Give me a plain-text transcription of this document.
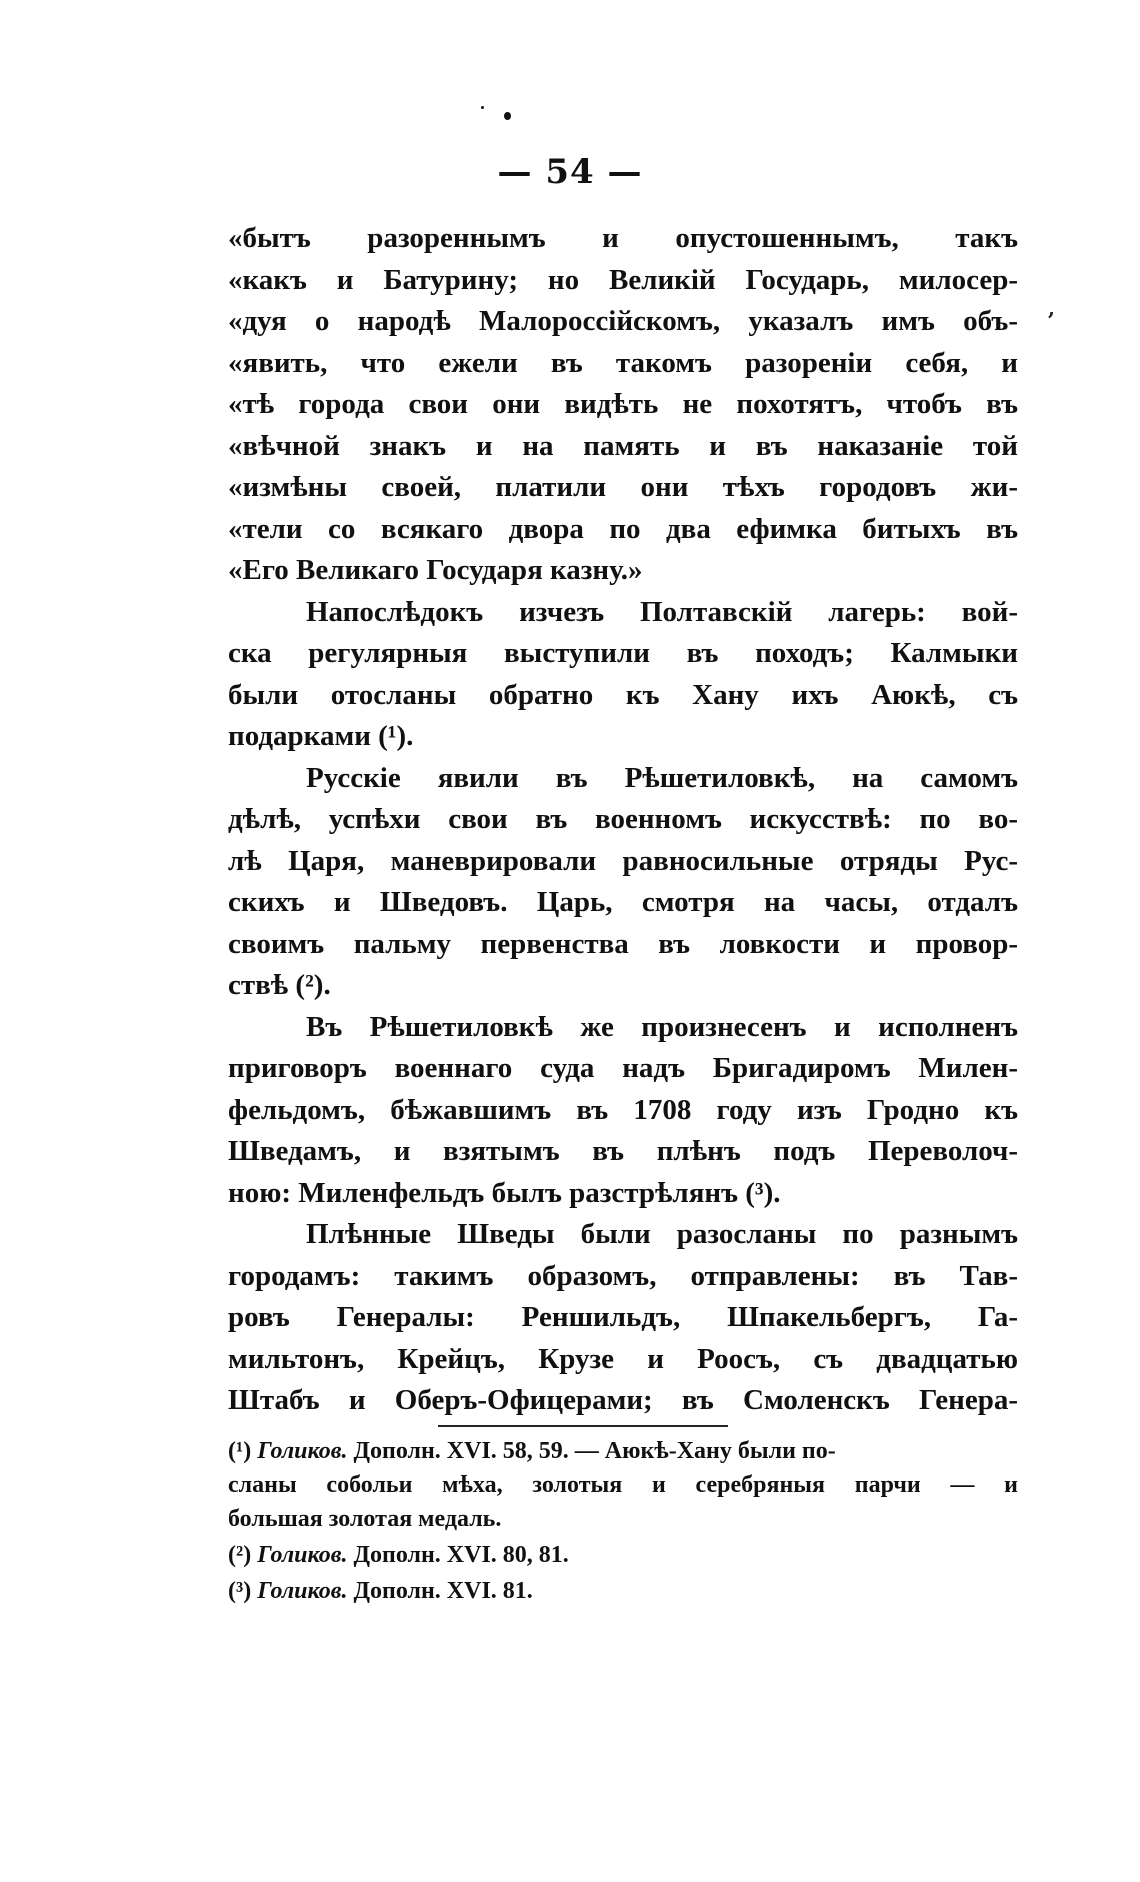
,
— 54 —

«бытъ разореннымъ и опустошеннымъ, такъ
«какъ и Батурину; но Великій Государь, милосер-
«дуя о народѣ Малороссійскомъ, указалъ имъ объ-
«явить, что ежели въ такомъ разореніи себя, и
«тѣ города свои они видѣть не похотятъ, чтобъ въ
«вѣчной знакъ и на память и въ наказаніе той
«измѣны своей, платили они тѣхъ городовъ жи-
«тели со всякаго двора по два ефимка битыхъ въ
«Его Великаго Государя казну.»

Напослѣдокъ изчезъ Полтавскій лагерь: вой-
ска регулярныя выступили въ походъ; Калмыки
были отосланы обратно къ Хану ихъ Аюкѣ, съ
подарками (¹).

Русскіе явили въ Рѣшетиловкѣ, на самомъ
дѣлѣ, успѣхи свои въ военномъ искусствѣ: по во-
лѣ Царя, маневрировали равносильные отряды Рус-
скихъ и Шведовъ. Царь, смотря на часы, отдалъ
своимъ пальму первенства въ ловкости и провор-
ствѣ (²).

Въ Рѣшетиловкѣ же произнесенъ и исполненъ
приговоръ военнаго суда надъ Бригадиромъ Милен-
фельдомъ, бѣжавшимъ въ 1708 году изъ Гродно къ
Шведамъ, и взятымъ въ плѣнъ подъ Переволоч-
ною: Миленфельдъ былъ разстрѣлянъ (³).

Плѣнные Шведы были разосланы по разнымъ
городамъ: такимъ образомъ, отправлены: въ Тав-
ровъ Генералы: Реншильдъ, Шпакельбергъ, Га-
мильтонъ, Крейцъ, Крузе и Роосъ, съ двадцатью
Штабъ и Оберъ-Офицерами; въ Смоленскъ Генера-

(¹) Голиков. Дополн. XVI. 58, 59. — Аюкѣ-Хану были по-
сланы собольи мѣха, золотыя и серебряныя парчи — и
большая золотая медаль.
(²) Голиков. Дополн. XVI. 80, 81.
(³) Голиков. Дополн. XVI. 81.
